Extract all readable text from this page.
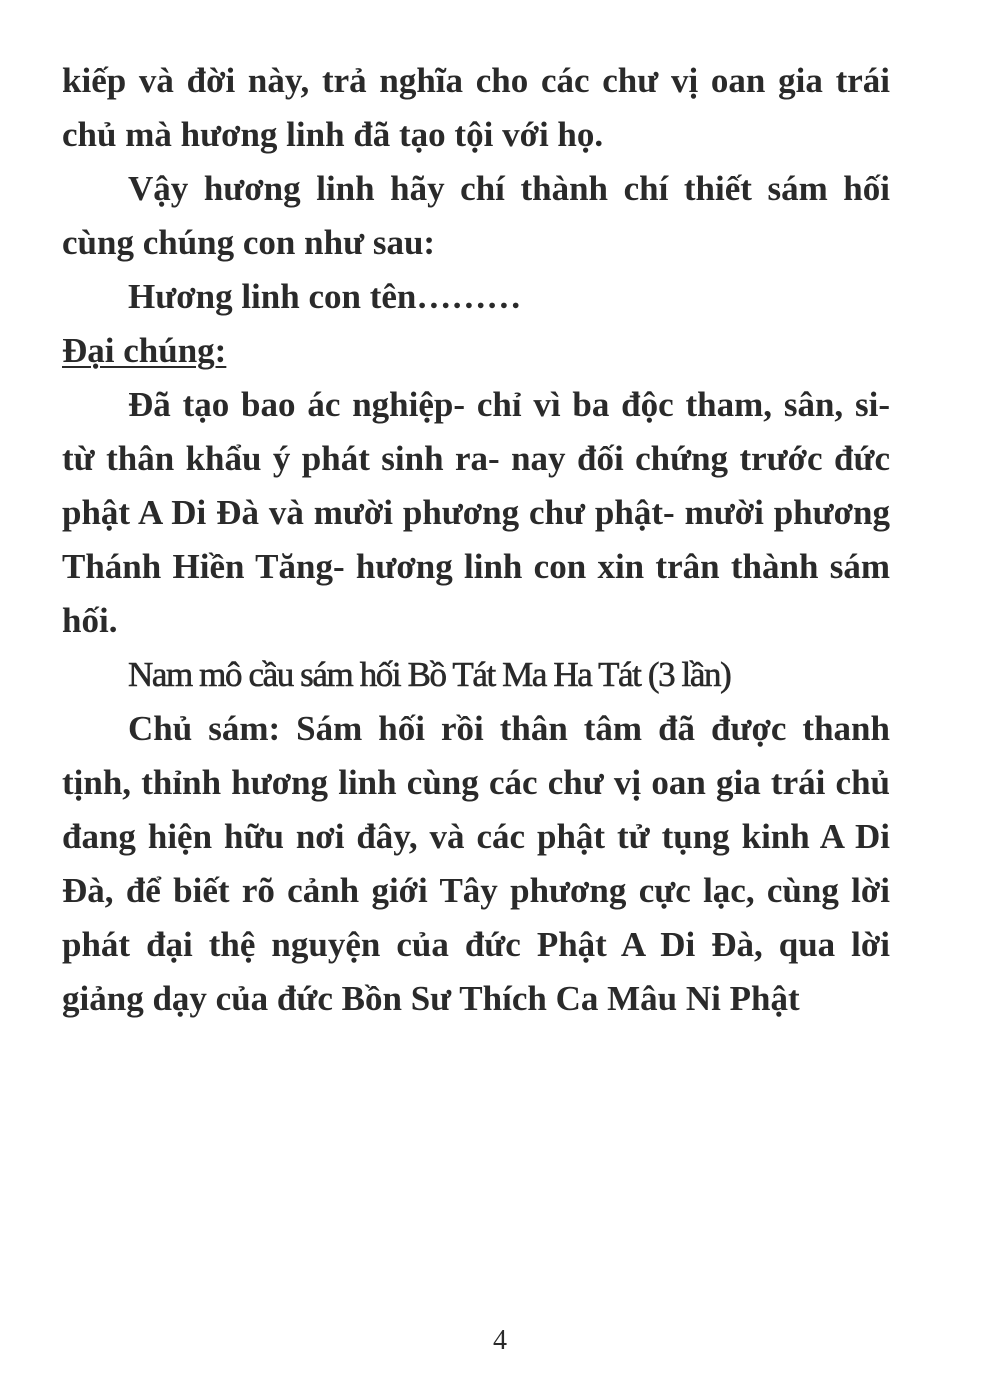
kiếp và đời này, trả nghĩa cho các chư vị oan gia trái chủ mà hương linh đã tạo tội với họ.

Vậy hương linh hãy chí thành chí thiết sám hối cùng chúng con như sau:

Hương linh con tên………

Đại chúng:

Đã tạo bao ác nghiệp- chỉ vì ba độc tham, sân, si- từ thân khẩu ý phát sinh ra- nay đối chứng trước đức phật A Di Đà và mười phương chư phật- mười phương Thánh Hiền Tăng- hương linh con xin trân thành sám hối.

Nam mô cầu sám hối Bồ Tát Ma Ha Tát (3 lần)

Chủ sám: Sám hối rồi thân tâm đã được thanh tịnh, thỉnh hương linh cùng các chư vị oan gia trái chủ đang hiện hữu nơi đây, và các phật tử tụng kinh A Di Đà, để biết rõ cảnh giới Tây phương cực lạc, cùng lời phát đại thệ nguyện của đức Phật A Di Đà, qua lời giảng dạy của đức Bồn Sư Thích Ca Mâu Ni Phật

4
